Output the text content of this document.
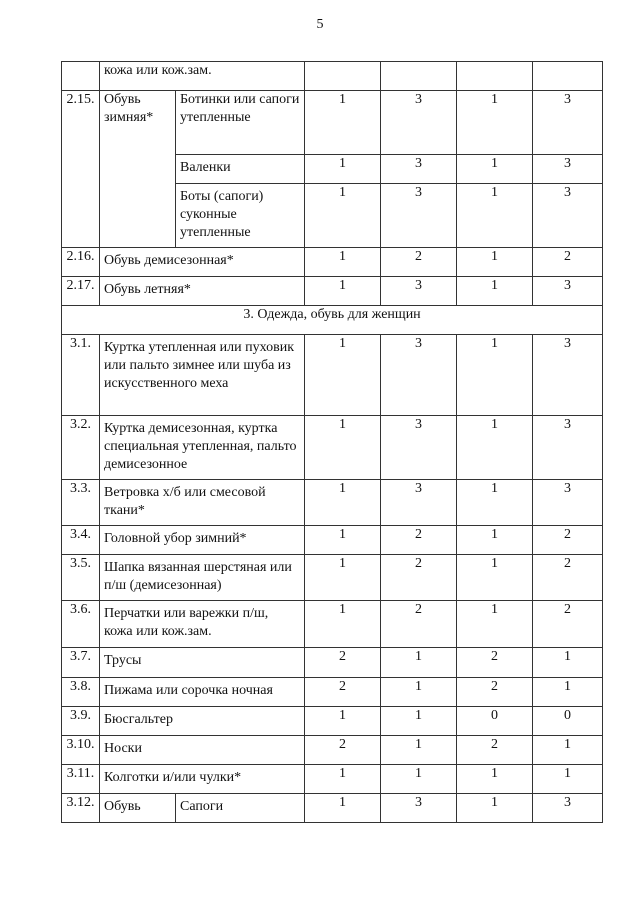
5
	кожа или кож.зам.					
2.15.	Обувь зимняя*	Ботинки или сапоги утепленные	1	3	1	3
		Валенки	1	3	1	3
		Боты (сапоги) суконные утепленные	1	3	1	3
2.16.	Обувь демисезонная*		1	2	1	2
2.17.	Обувь летняя*		1	3	1	3
3. Одежда, обувь для женщин						
3.1.	Куртка утепленная или пуховик или пальто зимнее или шуба из искусственного меха		1	3	1	3
3.2.	Куртка демисезонная, куртка специальная утепленная, пальто демисезонное		1	3	1	3
3.3.	Ветровка х/б или смесовой ткани*		1	3	1	3
3.4.	Головной убор зимний*		1	2	1	2
3.5.	Шапка вязанная шерстяная или п/ш (демисезонная)		1	2	1	2
3.6.	Перчатки или варежки п/ш, кожа или кож.зам.		1	2	1	2
3.7.	Трусы		2	1	2	1
3.8.	Пижама или сорочка ночная		2	1	2	1
3.9.	Бюсгальтер		1	1	0	0
3.10.	Носки		2	1	2	1
3.11.	Колготки и/или чулки*		1	1	1	1
3.12.	Обувь	Сапоги	1	3	1	3
